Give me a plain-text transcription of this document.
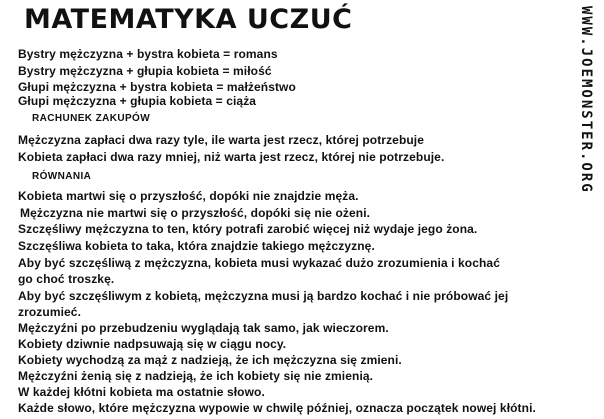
MATEMATYKA UCZUĆ	WWW.JOEMONSTER.ORG
Bystry mężczyzna + bystra kobieta = romans
Bystry mężczyzna + głupia kobieta = miłość
Głupi mężczyzna + bystra kobieta = małżeństwo
Głupi mężczyzna + głupia kobieta = ciąża
RACHUNEK ZAKUPÓW
Mężczyzna zapłaci dwa razy tyle, ile warta jest rzecz, której potrzebuje
Kobieta zapłaci dwa razy mniej, niż warta jest rzecz, której nie potrzebuje.
RÓWNANIA
Kobieta martwi się o przyszłość, dopóki nie znajdzie męża.
Mężczyzna nie martwi się o przyszłość, dopóki się nie ożeni.
Szczęśliwy mężczyzna to ten, który potrafi zarobić więcej niż wydaje jego żona.
Szczęśliwa kobieta to taka, która znajdzie takiego mężczyznę.
Aby być szczęśliwą z mężczyzna, kobieta musi wykazać dużo zrozumienia i kochać
go choć troszkę.
Aby być szczęśliwym z kobietą, mężczyzna musi ją bardzo kochać i nie próbować jej
zrozumieć.
Mężczyźni po przebudzeniu wyglądają tak samo, jak wieczorem.
Kobiety dziwnie nadpsuwają się w ciągu nocy.
Kobiety wychodzą za mąż z nadzieją, że ich mężczyzna się zmieni.
Mężczyźni żenią się z nadzieją, że ich kobiety się nie zmienią.
W każdej kłótni kobieta ma ostatnie słowo.
Każde słowo, które mężczyzna wypowie w chwilę później, oznacza początek nowej kłótni.
